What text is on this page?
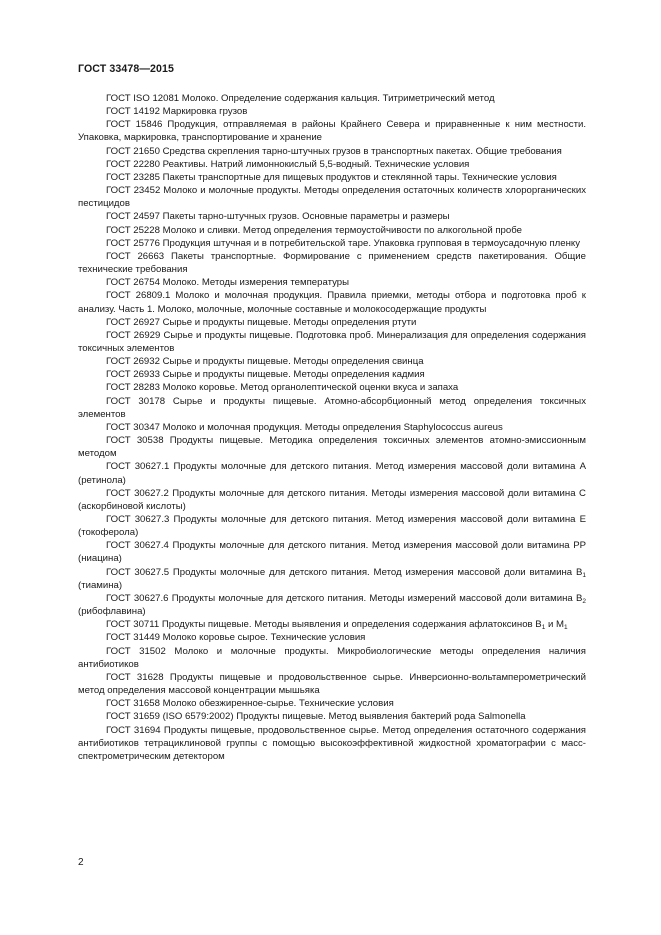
ГОСТ 33478—2015

ГОСТ ISO 12081 Молоко. Определение содержания кальция. Титриметрический метод

ГОСТ 14192 Маркировка грузов

ГОСТ 15846 Продукция, отправляемая в районы Крайнего Севера и приравненные к ним местности. Упаковка, маркировка, транспортирование и хранение

ГОСТ 21650 Средства скрепления тарно-штучных грузов в транспортных пакетах. Общие требования

ГОСТ 22280 Реактивы. Натрий лимоннокислый 5,5-водный. Технические условия

ГОСТ 23285 Пакеты транспортные для пищевых продуктов и стеклянной тары. Технические условия

ГОСТ 23452 Молоко и молочные продукты. Методы определения остаточных количеств хлорорганических пестицидов

ГОСТ 24597 Пакеты тарно-штучных грузов. Основные параметры и размеры

ГОСТ 25228 Молоко и сливки. Метод определения термоустойчивости по алкогольной пробе

ГОСТ 25776 Продукция штучная и в потребительской таре. Упаковка групповая в термоусадочную пленку

ГОСТ 26663 Пакеты транспортные. Формирование с применением средств пакетирования. Общие технические требования

ГОСТ 26754 Молоко. Методы измерения температуры

ГОСТ 26809.1 Молоко и молочная продукция. Правила приемки, методы отбора и подготовка проб к анализу. Часть 1. Молоко, молочные, молочные составные и молокосодержащие продукты

ГОСТ 26927 Сырье и продукты пищевые. Методы определения ртути

ГОСТ 26929 Сырье и продукты пищевые. Подготовка проб. Минерализация для определения содержания токсичных элементов

ГОСТ 26932 Сырье и продукты пищевые. Методы определения свинца

ГОСТ 26933 Сырье и продукты пищевые. Методы определения кадмия

ГОСТ 28283 Молоко коровье. Метод органолептической оценки вкуса и запаха

ГОСТ 30178 Сырье и продукты пищевые. Атомно-абсорбционный метод определения токсичных элементов

ГОСТ 30347 Молоко и молочная продукция. Методы определения Staphylococcus aureus

ГОСТ 30538 Продукты пищевые. Методика определения токсичных элементов атомно-эмиссионным методом

ГОСТ 30627.1 Продукты молочные для детского питания. Метод измерения массовой доли витамина А (ретинола)

ГОСТ 30627.2 Продукты молочные для детского питания. Методы измерения массовой доли витамина С (аскорбиновой кислоты)

ГОСТ 30627.3 Продукты молочные для детского питания. Метод измерения массовой доли витамина Е (токоферола)

ГОСТ 30627.4 Продукты молочные для детского питания. Метод измерения массовой доли витамина РР (ниацина)

ГОСТ 30627.5 Продукты молочные для детского питания. Метод измерения массовой доли витамина $B_1$ (тиамина)

ГОСТ 30627.6 Продукты молочные для детского питания. Методы измерений массовой доли витамина $B_2$ (рибофлавина)

ГОСТ 30711 Продукты пищевые. Методы выявления и определения содержания афлатоксинов $B_1$ и $M_1$

ГОСТ 31449 Молоко коровье сырое. Технические условия

ГОСТ 31502 Молоко и молочные продукты. Микробиологические методы определения наличия антибиотиков

ГОСТ 31628 Продукты пищевые и продовольственное сырье. Инверсионно-вольтамперометрический метод определения массовой концентрации мышьяка

ГОСТ 31658 Молоко обезжиренное-сырье. Технические условия

ГОСТ 31659 (ISO 6579:2002) Продукты пищевые. Метод выявления бактерий рода Salmonella

ГОСТ 31694 Продукты пищевые, продовольственное сырье. Метод определения остаточного содержания антибиотиков тетрациклиновой группы с помощью высокоэффективной жидкостной хроматографии с масс-спектрометрическим детектором

2
